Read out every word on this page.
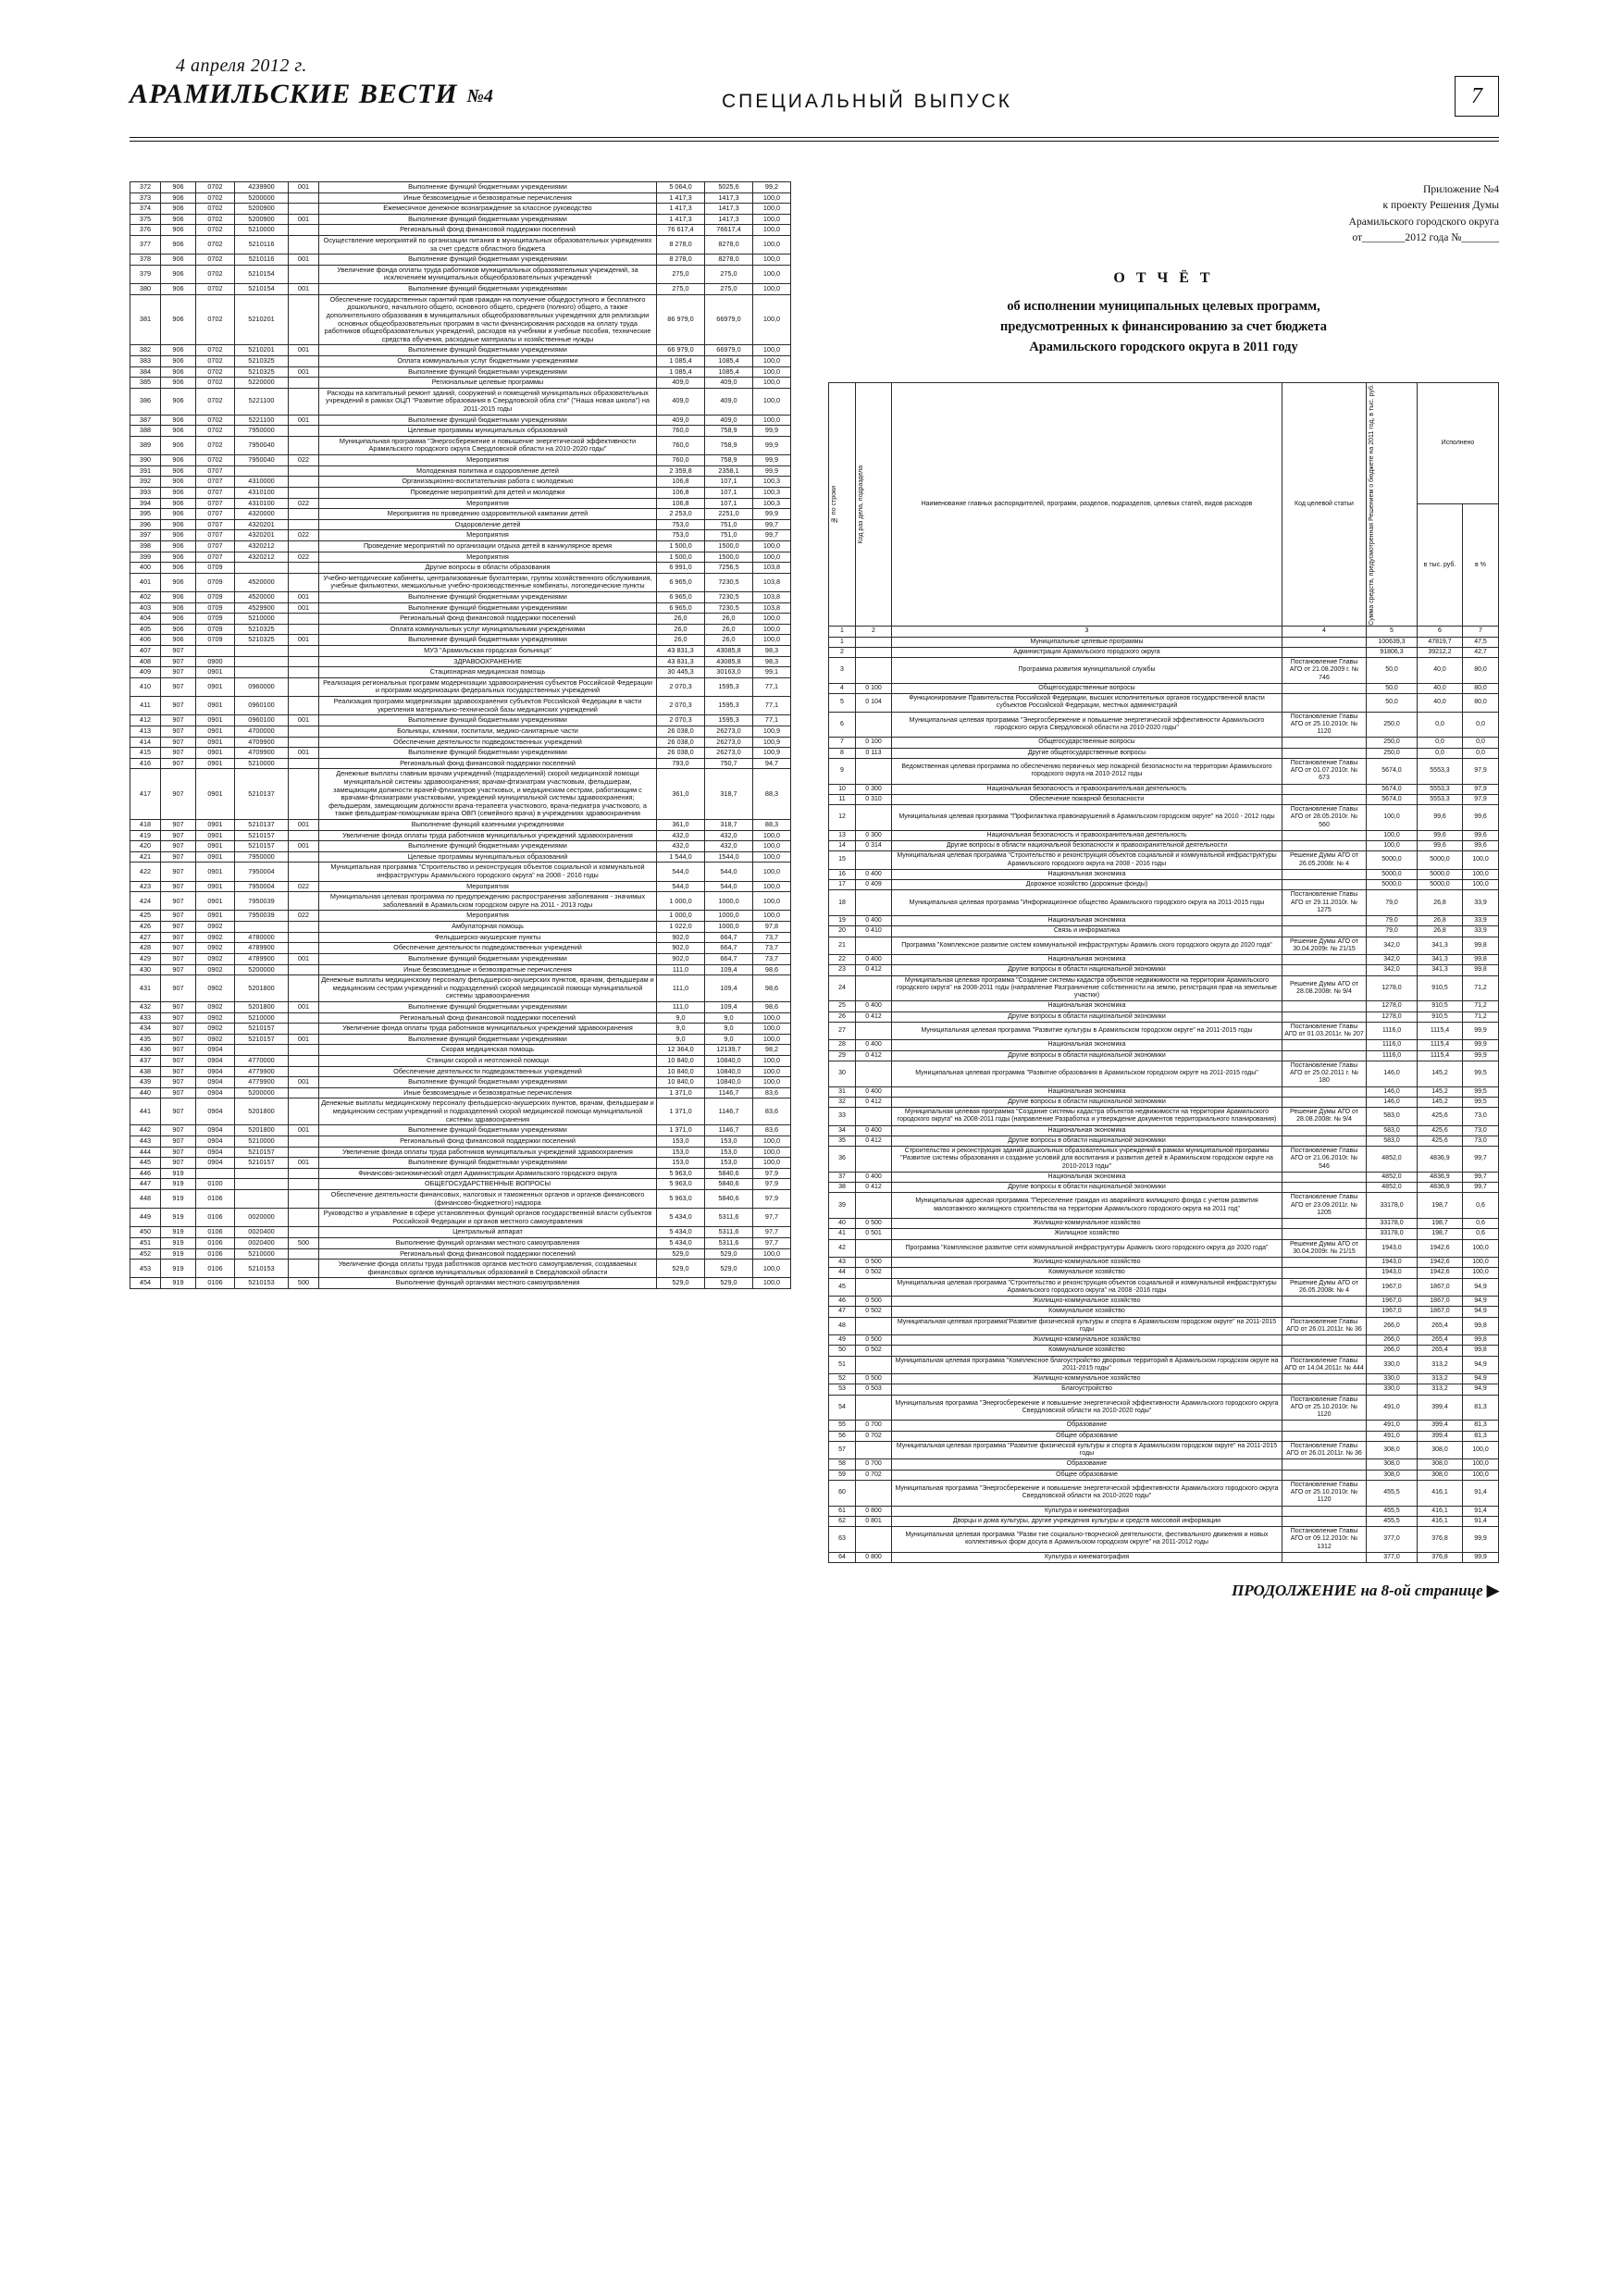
4 апреля 2012 г.
АРАМИЛЬСКИЕ ВЕСТИ №4	СПЕЦИАЛЬНЫЙ ВЫПУСК	7
372	906	0702	4239900	001	Выполнение функций бюджетными учреждениями	5 064,0	5025,6	99,2
373	906	0702	5200000		Иные безвозмездные и безвозвратные перечисления	1 417,3	1417,3	100,0
374	906	0702	5200900		Ежемесячное денежное вознаграждение за классное руководство	1 417,3	1417,3	100,0
375	906	0702	5200900	001	Выполнение функций бюджетными учреждениями	1 417,3	1417,3	100,0
376	906	0702	5210000		Региональный фонд финансовой поддержки поселений	76 617,4	76617,4	100,0
377	906	0702	5210116		Осуществление мероприятий по организации питания в муниципальных образовательных учреждениях за счет средств областного бюджета	8 278,0	8278,0	100,0
378	906	0702	5210116	001	Выполнение функций бюджетными учреждениями	8 278,0	8278,0	100,0
379	906	0702	5210154		Увеличение фонда оплаты труда работников муниципальных образовательных учреждений, за исключением муниципальных общеобразовательных учреждений	275,0	275,0	100,0
380	906	0702	5210154	001	Выполнение функций бюджетными учреждениями	275,0	275,0	100,0
381	906	0702	5210201		Обеспечение государственных гарантий прав граждан на получение общедоступного и бесплатного дошкольного, начального общего, основного общего, среднего (полного) общего, а также дополнительного образования в муниципальных общеобразовательных учреждениях для реализации основных общеобразовательных программ в части финансирования расходов на оплату труда работников общеобразовательных учреждений, расходов на учебники и учебные пособия, технические средства обучения, расходные материалы и хозяйственные нужды	86 979,0	66979,0	100,0
382	906	0702	5210201	001	Выполнение функций бюджетными учреждениями	66 979,0	66979,0	100,0
383	906	0702	5210325		Оплата коммунальных услуг бюджетными учреждениями	1 085,4	1085,4	100,0
384	906	0702	5210325	001	Выполнение функций бюджетными учреждениями	1 085,4	1085,4	100,0
385	906	0702	5220000		Региональные целевые программы	409,0	409,0	100,0
386	906	0702	5221100		Расходы на капитальный ремонт зданий, сооружений и помещений муниципальных образовательных учреждений в рамках ОЦП "Развитие образования в Свердловской обла сти" ("Наша новая школа") на 2011-2015 годы	409,0	409,0	100,0
387	906	0702	5221100	001	Выполнение функций бюджетными учреждениями	409,0	409,0	100,0
388	906	0702	7950000		Целевые программы муниципальных образований	760,0	758,9	99,9
389	906	0702	7950040		Муниципальная программа "Энергосбережение и повышение энергетической эффективности Арамильского городского округа Свердловской области на 2010-2020 годы"	760,0	758,9	99,9
390	906	0702	7950040	022	Мероприятия	760,0	758,9	99,9
391	906	0707			Молодежная политика и оздоровление детей	2 359,8	2358,1	99,9
392	906	0707	4310000		Организационно-воспитательная работа с молодежью	106,8	107,1	100,3
393	906	0707	4310100		Проведение мероприятий для детей и молодежи	106,8	107,1	100,3
394	906	0707	4310100	022	Мероприятия	106,8	107,1	100,3
395	906	0707	4320000		Мероприятия по проведению оздоровительной кампании детей	2 253,0	2251,0	99,9
396	906	0707	4320201		Оздоровление детей	753,0	751,0	99,7
397	906	0707	4320201	022	Мероприятия	753,0	751,0	99,7
398	906	0707	4320212		Проведение мероприятий по организации отдыха детей в каникулярное время	1 500,0	1500,0	100,0
399	906	0707	4320212	022	Мероприятия	1 500,0	1500,0	100,0
400	906	0709			Другие вопросы в области образования	6 991,0	7256,5	103,8
401	906	0709	4520000		Учебно-методические кабинеты, централизованные бухгалтерии, группы хозяйственного обслуживания, учебные фильмотеки, межшкольные учебно-производственные комбинаты, логопедические пункты	6 965,0	7230,5	103,8
402	906	0709	4520000	001	Выполнение функций бюджетными учреждениями	6 965,0	7230,5	103,8
403	906	0709	4529900	001	Выполнение функций бюджетными учреждениями	6 965,0	7230,5	103,8
404	906	0709	5210000		Региональный фонд финансовой поддержки поселений	26,0	26,0	100,0
405	906	0709	5210325		Оплата коммунальных услуг муниципальными учреждениями	26,0	26,0	100,0
406	906	0709	5210325	001	Выполнение функций бюджетными учреждениями	26,0	26,0	100,0
407	907				МУЗ "Арамильская городская больница"	43 831,3	43085,8	98,3
408	907	0900			ЗДРАВООХРАНЕНИЕ	43 831,3	43085,8	98,3
409	907	0901			Стационарная медицинская помощь	30 445,3	30163,0	99,1
410	907	0901	0960000		Реализация региональных программ модернизации здравоохранения субъектов Российской Федерации и программ модернизации федеральных государственных учреждений	2 070,3	1595,3	77,1
411	907	0901	0960100		Реализация программ модернизации здравоохранения субъектов Российской Федерации в части укрепления материально-технической базы медицинских учреждений	2 070,3	1595,3	77,1
412	907	0901	0960100	001	Выполнение функций бюджетными учреждениями	2 070,3	1595,3	77,1
413	907	0901	4700000		Больницы, клиники, госпитали, медико-санитарные части	26 038,0	26273,0	100,9
414	907	0901	4709900		Обеспечение деятельности подведомственных учреждений	26 038,0	26273,0	100,9
415	907	0901	4709900	001	Выполнение функций бюджетными учреждениями	26 038,0	26273,0	100,9
416	907	0901	5210000		Региональный фонд финансовой поддержки поселений	793,0	750,7	94,7
417	907	0901	5210137		Денежные выплаты главным врачам учреждений (подразделений) скорой медицинской помощи муниципальной системы здравоохранения; врачам-фтизиатрам участковым, фельдшерам, замещающим должности врачей-фтизиатров участковых, и медицинским сестрам, работающим с врачами-фтизиатрами участковыми, учреждений муниципальной системы здравоохранения; фельдшерам, замещающим должности врача-терапевта участкового, врача-педиатра участкового, а также фельдшерам-помощникам врача ОВП (семейного врача) в учреждениях здравоохранения	361,0	318,7	88,3
418	907	0901	5210137	001	Выполнение функций казенными учреждениями	361,0	318,7	88,3
419	907	0901	5210157		Увеличение фонда оплаты труда работников муниципальных учреждений здравоохранения	432,0	432,0	100,0
420	907	0901	5210157	001	Выполнение функций бюджетными учреждениями	432,0	432,0	100,0
421	907	0901	7950000		Целевые программы муниципальных образований	1 544,0	1544,0	100,0
422	907	0901	7950004		Муниципальная программа "Строительство и реконструкция объектов социальной и коммунальной инфраструктуры Арамильского городского округа" на 2008 - 2016 годы	544,0	544,0	100,0
423	907	0901	7950004	022	Мероприятия	544,0	544,0	100,0
424	907	0901	7950039		Муниципальная целевая программа по предупреждению распространения заболевания - значимых заболеваний в Арамильском городском округе на 2011 - 2013 годы	1 000,0	1000,0	100,0
425	907	0901	7950039	022	Мероприятия	1 000,0	1000,0	100,0
426	907	0902			Амбулаторная помощь	1 022,0	1000,0	97,8
427	907	0902	4780000		Фельдшерско-акушерские пункты	902,0	664,7	73,7
428	907	0902	4789900		Обеспечение деятельности подведомственных учреждений	902,0	664,7	73,7
429	907	0902	4789900	001	Выполнение функций бюджетными учреждениями	902,0	664,7	73,7
430	907	0902	5200000		Иные безвозмездные и безвозвратные перечисления	111,0	109,4	98,6
431	907	0902	5201800		Денежные выплаты медицинскому персоналу фельдшерско-акушерских пунктов, врачам, фельдшерам и медицинским сестрам учреждений и подразделений скорой медицинской помощи муниципальной системы здравоохранения	111,0	109,4	98,6
432	907	0902	5201800	001	Выполнение функций бюджетными учреждениями	111,0	109,4	98,6
433	907	0902	5210000		Региональный фонд финансовой поддержки поселений	9,0	9,0	100,0
434	907	0902	5210157		Увеличение фонда оплаты труда работников муниципальных учреждений здравоохранения	9,0	9,0	100,0
435	907	0902	5210157	001	Выполнение функций бюджетными учреждениями	9,0	9,0	100,0
436	907	0904			Скорая медицинская помощь	12 364,0	12139,7	98,2
437	907	0904	4770000		Станции скорой и неотложной помощи	10 840,0	10840,0	100,0
438	907	0904	4779900		Обеспечение деятельности подведомственных учреждений	10 840,0	10840,0	100,0
439	907	0904	4779900	001	Выполнение функций бюджетными учреждениями	10 840,0	10840,0	100,0
440	907	0904	5200000		Иные безвозмездные и безвозвратные перечисления	1 371,0	1146,7	83,6
441	907	0904	5201800		Денежные выплаты медицинскому персоналу фельдшерско-акушерских пунктов, врачам, фельдшерам и медицинским сестрам учреждений и подразделений скорой медицинской помощи муниципальной системы здравоохранения	1 371,0	1146,7	83,6
442	907	0904	5201800	001	Выполнение функций бюджетными учреждениями	1 371,0	1146,7	83,6
443	907	0904	5210000		Региональный фонд финансовой поддержки поселений	153,0	153,0	100,0
444	907	0904	5210157		Увеличение фонда оплаты труда работников муниципальных учреждений здравоохранения	153,0	153,0	100,0
445	907	0904	5210157	001	Выполнение функций бюджетными учреждениями	153,0	153,0	100,0
446	919				Финансово-экономический отдел Администрации Арамильского городского округа	5 963,0	5840,6	97,9
447	919	0100			ОБЩЕГОСУДАРСТВЕННЫЕ ВОПРОСЫ	5 963,0	5840,6	97,9
448	919	0106			Обеспечение деятельности финансовых, налоговых и таможенных органов и органов финансового (финансово-бюджетного) надзора	5 963,0	5840,6	97,9
449	919	0106	0020000		Руководство и управление в сфере установленных функций органов государственной власти субъектов Российской Федерации и органов местного самоуправления	5 434,0	5311,6	97,7
450	919	0106	0020400		Центральный аппарат	5 434,0	5311,6	97,7
451	919	0106	0020400	500	Выполнение функций органами местного самоуправления	5 434,0	5311,6	97,7
452	919	0106	5210000		Региональный фонд финансовой поддержки поселений	529,0	529,0	100,0
453	919	0106	5210153		Увеличение фонда оплаты труда работников органов местного самоуправления, создаваемых финансовых органов муниципальных образований в Свердловской области	529,0	529,0	100,0
454	919	0106	5210153	500	Выполнение функций органами местного самоуправления	529,0	529,0	100,0
Приложение №4
к проекту Решения Думы
Арамильского городского округа
от________2012 года №_______
О Т Ч Ё Т
об исполнении муниципальных целевых программ,
предусмотренных к финансированию за счет бюджета
Арамильского городского округа в 2011 году
№ по строки	Код раз дела, подраздела	Наименование главных распорядителей, программ, разделов, подразделов, целевых статей, видов расходов	Код целевой статьи	Сумма средств, предусмотренная Решением о бюджете на 2011 год, в тыс. руб.	Исполнено	
					в тыс. руб.	в %
1	2	3	4	5	6	7
1		Муниципальные целевые программы		100639,3	47819,7	47,5
2		Администрация Арамильского городского округа		91806,3	39212,2	42,7
3		Программа развития муниципальной службы	Постановление Главы АГО от 21.08.2009 г. № 746	50,0	40,0	80,0
4	0 100	Общегосударственные вопросы		50,0	40,0	80,0
5	0 104	Функционирование Правительства Российской Федерации, высших исполнительных органов государственной власти субъектов Российской Федерации, местных администраций		50,0	40,0	80,0
6		Муниципальная целевая программа "Энергосбережение и повышение энергетической эффективности Арамильского городского округа Свердловской области на 2010-2020 годы"	Постановление Главы АГО от 25.10.2010г. № 1120	250,0	0,0	0,0
7	0 100	Общегосударственные вопросы		250,0	0,0	0,0
8	0 113	Другие общегосударственные вопросы		250,0	0,0	0,0
9		Ведомственная целевая программа по обеспечению первичных мер пожарной безопасности на территории Арамильского городского округа на 2010-2012 годы	Постановление Главы АГО от 01.07.2010г. № 673	5674,0	5553,3	97,9
10	0 300	Национальная безопасность и правоохранительная деятельность		5674,0	5553,3	97,9
11	0 310	Обеспечение пожарной безопасности		5674,0	5553,3	97,9
12		Муниципальная целевая программа "Профилактика правонарушений в Арамильском городском округе" на 2010 - 2012 годы	Постановление Главы АГО от 28.05.2010г. № 560	100,0	99,6	99,6
13	0 300	Национальная безопасность и правоохранительная деятельность		100,0	99,6	99,6
14	0 314	Другие вопросы в области национальной безопасности и правоохранительной деятельности		100,0	99,6	99,6
15		Муниципальная целевая программа "Строительство и реконструкция объектов социальной и коммунальной инфраструктуры Арамильского городского округа на 2008 - 2016 годы	Решение Думы АГО от 26.05.2008г. № 4	5000,0	5000,0	100,0
16	0 400	Национальная экономика		5000,0	5000,0	100,0
17	0 409	Дорожное хозяйство (дорожные фонды)		5000,0	5000,0	100,0
18		Муниципальная целевая программа "Информационное общество Арамильского городского округа на 2011-2015 годы	Постановление Главы АГО от 29.11.2010г. № 1275	79,0	26,8	33,9
19	0 400	Национальная экономика		79,0	26,8	33,9
20	0 410	Связь и информатика		79,0	26,8	33,9
21		Программа "Комплексное развитие систем коммунальной инфраструктуры Арамиль ского городского округа до 2020 года"	Решение Думы АГО от 30.04.2009г. № 21/15	342,0	341,3	99,8
22	0 400	Национальная экономика		342,0	341,3	99,8
23	0 412	Другие вопросы в области национальной экономики		342,0	341,3	99,8
24		Муниципальная целевая программа "Создание системы кадастра объектов недвижимости на территории Арамильского городского округа" на 2008-2011 годы (направление Разграничение собственности на землю, регистрация прав на земельные участки)	Решение Думы АГО от 28.08.2008г. № 9/4	1278,0	910,5	71,2
25	0 400	Национальная экономика		1278,0	910,5	71,2
26	0 412	Другие вопросы в области национальной экономики		1278,0	910,5	71,2
27		Муниципальная целевая программа "Развитие культуры в Арамильском городском округе" на 2011-2015 годы	Постановление Главы АГО от 01.03.2011г. № 207	1116,0	1115,4	99,9
28	0 400	Национальная экономика		1116,0	1115,4	99,9
29	0 412	Другие вопросы в области национальной экономики		1116,0	1115,4	99,9
30		Муниципальная целевая программа "Развитие образования в Арамильском городском округе на 2011-2015 годы"	Постановление Главы АГО от 25.02.2011 г. № 180	146,0	145,2	99,5
31	0 400	Национальная экономика		146,0	145,2	99,5
32	0 412	Другие вопросы в области национальной экономики		146,0	145,2	99,5
33		Муниципальная целевая программа "Создание системы кадастра объектов недвижимости на территории Арамильского городского округа" на 2008-2011 годы (направление Разработка и утверждение документов территориального планирования)	Решение Думы АГО от 28.08.2008г. № 9/4	583,0	425,6	73,0
34	0 400	Национальная экономика		583,0	425,6	73,0
35	0 412	Другие вопросы в области национальной экономики		583,0	425,6	73,0
36		Строительство и реконструкция зданий дошкольных образовательных учреждений в рамках муниципальной программы "Развитие системы образования и создание условий для воспитания и развития детей в Арамильском городском округе на 2010-2013 годы"	Постановление Главы АГО от 21.06.2010г. № 546	4852,0	4836,9	99,7
37	0 400	Национальная экономика		4852,0	4836,9	99,7
38	0 412	Другие вопросы в области национальной экономики		4852,0	4836,9	99,7
39		Муниципальная адресная программа "Переселение граждан из аварийного жилищного фонда с учетом развития малоэтажного жилищного строительства на территории Арамильского городского округа на 2011 год"	Постановление Главы АГО от 23.09.2011г. № 1205	33178,0	198,7	0,6
40	0 500	Жилищно-коммунальное хозяйство		33178,0	198,7	0,6
41	0 501	Жилищное хозяйство		33178,0	198,7	0,6
42		Программа "Комплексное развитие сети коммунальной инфраструктуры Арамиль ского городского округа до 2020 года"	Решение Думы АГО от 30.04.2009г. № 21/15	1943,0	1942,6	100,0
43	0 500	Жилищно-коммунальное хозяйство		1943,0	1942,6	100,0
44	0 502	Коммунальное хозяйство		1943,0	1942,6	100,0
45		Муниципальная целевая программа "Строительство и реконструкция объектов социальной и коммунальной инфраструктуры Арамильского городского округа" на 2008 -2016 годы	Решение Думы АГО от 26.05.2008г. № 4	1967,0	1867,0	94,9
46	0 500	Жилищно-коммунальное хозяйство		1967,0	1867,0	94,9
47	0 502	Коммунальное хозяйство		1967,0	1867,0	94,9
48		Муниципальная целевая программа"Развитие физической культуры и спорта в Арамильском городском округе" на 2011-2015 годы	Постановление Главы АГО от 26.01.2011г. № 36	266,0	265,4	99,8
49	0 500	Жилищно-коммунальное хозяйство		266,0	265,4	99,8
50	0 502	Коммунальное хозяйство		266,0	265,4	99,8
51		Муниципальная целевая программа "Комплексное благоустройство дворовых территорий в Арамильском городском округе на 2011-2015 годы"	Постановление Главы АГО от 14.04.2011г. № 444	330,0	313,2	94,9
52	0 500	Жилищно-коммунальное хозяйство		330,0	313,2	94,9
53	0 503	Благоустройство		330,0	313,2	94,9
54		Муниципальная программа "Энергосбережение и повышение энергетической эффективности Арамильского городского округа Свердловской области на 2010-2020 годы"	Постановление Главы АГО от 25.10.2010г. № 1120	491,0	399,4	81,3
55	0 700	Образование		491,0	399,4	81,3
56	0 702	Общее образование		491,0	399,4	81,3
57		Муниципальная целевая программа "Развитие физической культуры и спорта в Арамильском городском округе" на 2011-2015 годы	Постановление Главы АГО от 26.01.2011г. № 36	308,0	308,0	100,0
58	0 700	Образование		308,0	308,0	100,0
59	0 702	Общее образование		308,0	308,0	100,0
60		Муниципальная программа "Энергосбережение и повышение энергетической эффективности Арамильского городского округа Свердловской области на 2010-2020 годы"	Постановление Главы АГО от 25.10.2010г. № 1120	455,5	416,1	91,4
61	0 800	Культура и кинематография		455,5	416,1	91,4
62	0 801	Дворцы и дома культуры, другие учреждения культуры и средств массовой информации		455,5	416,1	91,4
63		Муниципальная целевая программа "Разви тие социально-творческой деятельности, фестивального движения и новых коллективных форм досуга в Арамильском городском округе" на 2011-2012 годы	Постановление Главы АГО от 09.12.2010г. № 1312	377,0	376,8	99,9
64	0 800	Культура и кинематография		377,0	376,8	99,9
ПРОДОЛЖЕНИЕ на 8-ой странице ▶
